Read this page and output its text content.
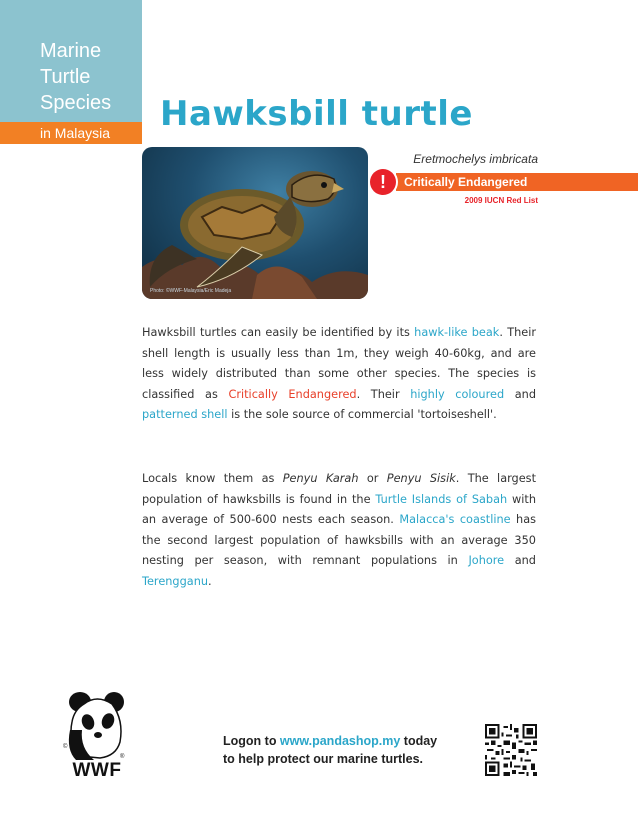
Marine
Turtle
Species
in Malaysia	Hawksbill turtle
Photo: ©WWF-Malaysia/Eric Madeja
Eretmochelys imbricata
Critically Endangered
!
2009 IUCN Red List
Hawksbill turtles can easily be identified by its hawk-like beak. Their shell length is usually less than 1m, they weigh 40-60kg, and are less widely distributed than some other species. The species is classified as Critically Endangered. Their highly coloured and patterned shell is the sole source of commercial 'tortoiseshell'.
Locals know them as Penyu Karah or Penyu Sisik. The largest population of hawksbills is found in the Turtle Islands of Sabah with an average of 500-600 nests each season. Malacca's coastline has the second largest population of hawksbills with an average 350 nesting per season, with remnant populations in Johore and Terengganu.
©
®
WWF
Logon to www.pandashop.my today
to help protect our marine turtles.
